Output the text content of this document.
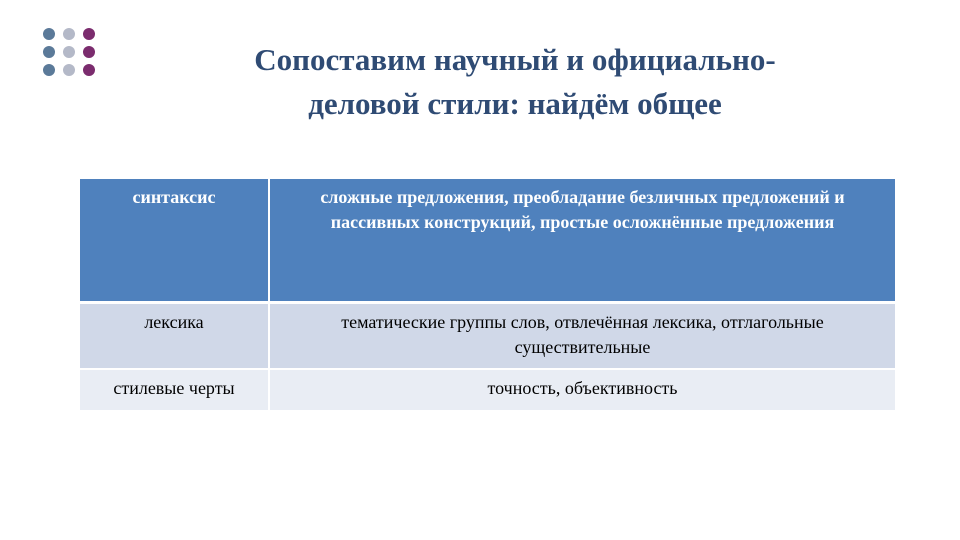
Сопоставим научный и официально-
деловой стили: найдём общее
синтаксис	сложные предложения, преобладание безличных предложений и пассивных конструкций, простые осложнённые предложения
лексика	тематические группы слов, отвлечённая лексика, отглагольные существительные
стилевые черты	точность, объективность
